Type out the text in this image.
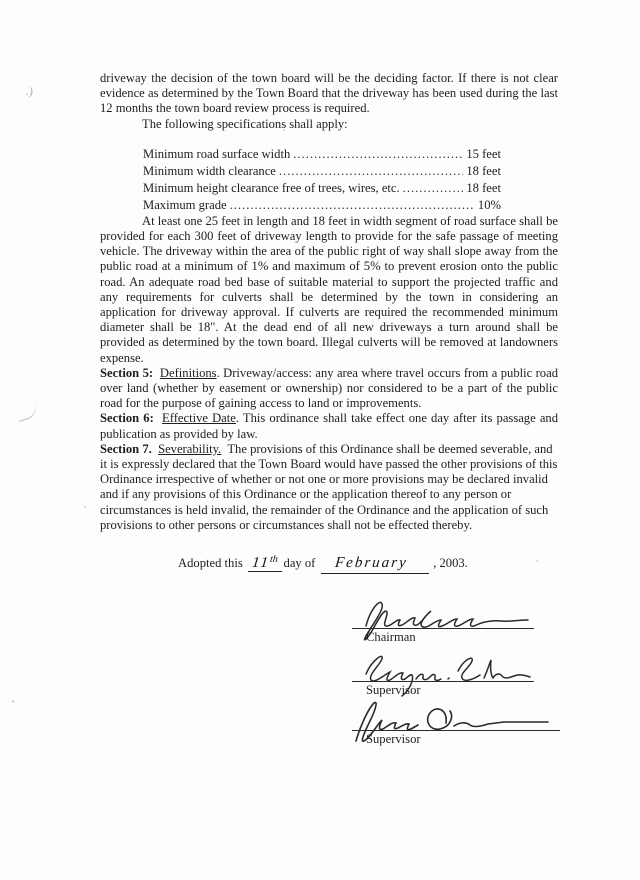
.)

driveway the decision of the town board will be the deciding factor. If there is not clear evidence as determined by the Town Board that the driveway has been used during the last 12 months the town board review process is required.

The following specifications shall apply:

Minimum road surface width .....	15 feet
Minimum width clearance .....	18 feet
Minimum height clearance free of trees, wires, etc. .....	18 feet
Maximum grade .....	10%

At least one 25 feet in length and 18 feet in width segment of road surface shall be provided for each 300 feet of driveway length to provide for the safe passage of meeting vehicle. The driveway within the area of the public right of way shall slope away from the public road at a minimum of 1% and maximum of 5% to prevent erosion onto the public road. An adequate road bed base of suitable material to support the projected traffic and any requirements for culverts shall be determined by the town in considering an application for driveway approval. If culverts are required the recommended minimum diameter shall be 18". At the dead end of all new driveways a turn around shall be provided as determined by the town board. Illegal culverts will be removed at landowners expense.

Section 5: Definitions. Driveway/access: any area where travel occurs from a public road over land (whether by easement or ownership) nor considered to be a part of the public road for the purpose of gaining access to land or improvements.

Section 6: Effective Date. This ordinance shall take effect one day after its passage and publication as provided by law.

Section 7. Severability. The provisions of this Ordinance shall be deemed severable, and it is expressly declared that the Town Board would have passed the other provisions of this Ordinance irrespective of whether or not one or more provisions may be declared invalid and if any provisions of this Ordinance or the application thereof to any person or circumstances is held invalid, the remainder of the Ordinance and the application of such provisions to other persons or circumstances shall not be effected thereby.

Adopted this 11th day of February , 2003.
Chairman
Supervisor
Supervisor
